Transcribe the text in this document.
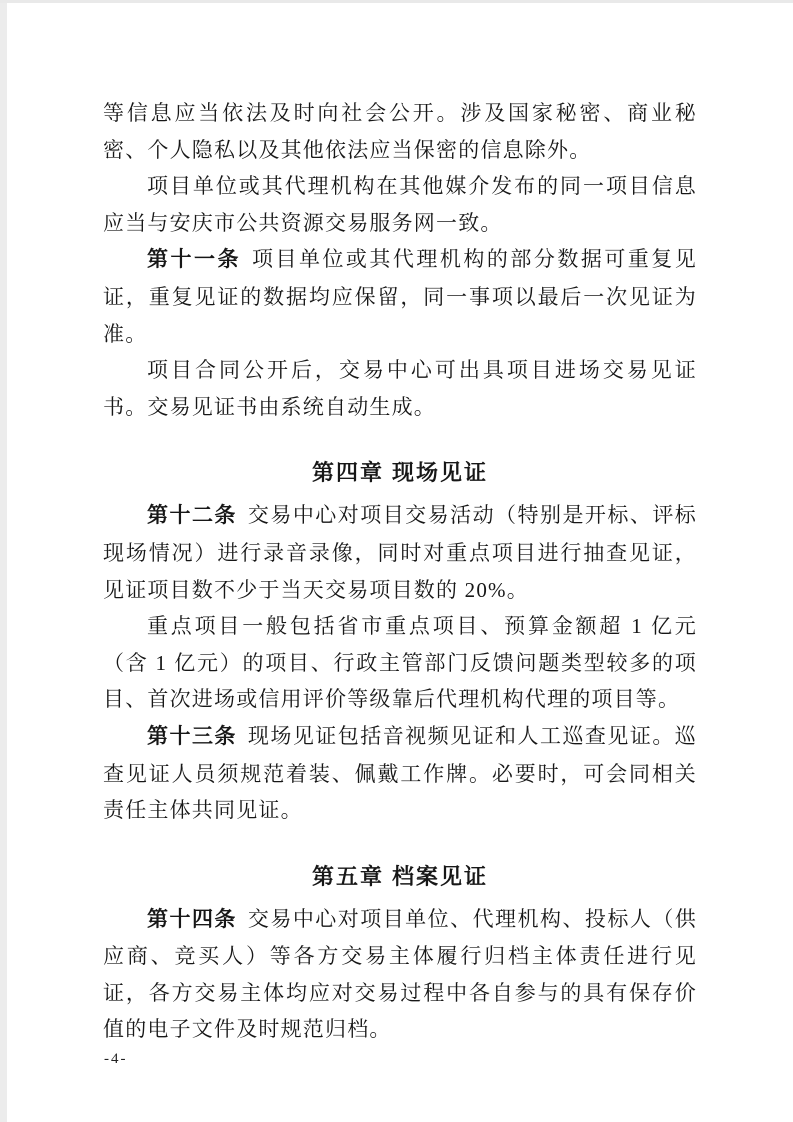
等信息应当依法及时向社会公开。涉及国家秘密、商业秘密、个人隐私以及其他依法应当保密的信息除外。

项目单位或其代理机构在其他媒介发布的同一项目信息应当与安庆市公共资源交易服务网一致。

第十一条 项目单位或其代理机构的部分数据可重复见证，重复见证的数据均应保留，同一事项以最后一次见证为准。

项目合同公开后，交易中心可出具项目进场交易见证书。交易见证书由系统自动生成。

第四章 现场见证

第十二条 交易中心对项目交易活动（特别是开标、评标现场情况）进行录音录像，同时对重点项目进行抽查见证，见证项目数不少于当天交易项目数的 20%。

重点项目一般包括省市重点项目、预算金额超 1 亿元（含 1 亿元）的项目、行政主管部门反馈问题类型较多的项目、首次进场或信用评价等级靠后代理机构代理的项目等。

第十三条 现场见证包括音视频见证和人工巡查见证。巡查见证人员须规范着装、佩戴工作牌。必要时，可会同相关责任主体共同见证。

第五章 档案见证

第十四条 交易中心对项目单位、代理机构、投标人（供应商、竞买人）等各方交易主体履行归档主体责任进行见证，各方交易主体均应对交易过程中各自参与的具有保存价值的电子文件及时规范归档。

-4-
